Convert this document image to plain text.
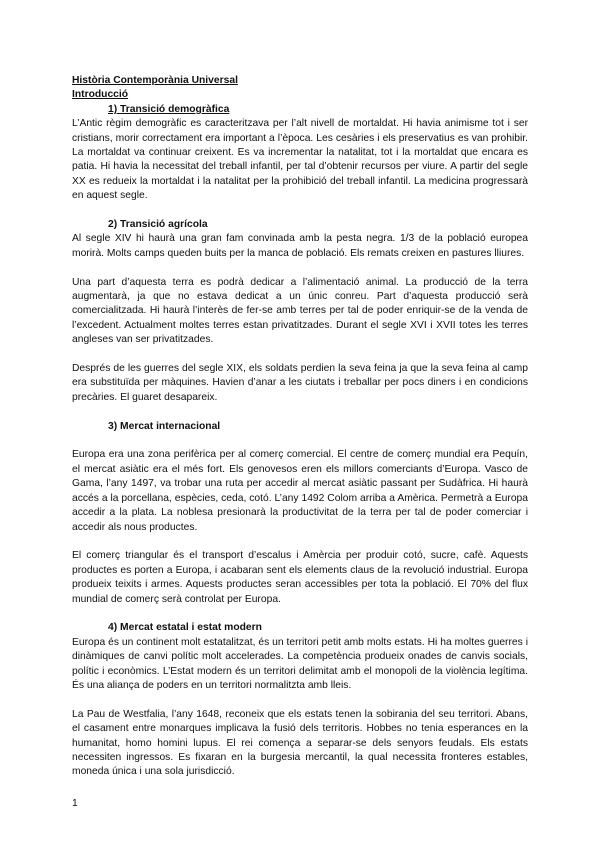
Història Contemporània Universal
Introducció
1) Transició demogràfica

L’Antic règim demogràfic es caracteritzava per l’alt nivell de mortaldat. Hi havia animisme tot i ser cristians, morir correctament era important a l’època. Les cesàries i els preservatius es van prohibir. La mortaldat va continuar creixent. Es va incrementar la natalitat, tot i la mortaldat que encara es patia. Hi havia la necessitat del treball infantil, per tal d’obtenir recursos per viure. A partir del segle XX es redueix la mortaldat i la natalitat per la prohibició del treball infantil. La medicina progressarà en aquest segle.

2) Transició agrícola

Al segle XIV hi haurà una gran fam convinada amb la pesta negra. 1/3 de la població europea morirà. Molts camps queden buits per la manca de població. Els remats creixen en pastures lliures.

Una part d’aquesta terra es podrà dedicar a l’alimentació animal. La producció de la terra augmentarà, ja que no estava dedicat a un únic conreu. Part d’aquesta producció serà comercialitzada. Hi haurà l’interès de fer-se amb terres per tal de poder enriquir-se de la venda de l’excedent. Actualment moltes terres estan privatitzades. Durant el segle XVI i XVII totes les terres angleses van ser privatitzades.

Després de les guerres del segle XIX, els soldats perdien la seva feina ja que la seva feina al camp era substituïda per màquines. Havien d’anar a les ciutats i treballar per pocs diners i en condicions precàries. El guaret desapareix.

3) Mercat internacional

Europa era una zona perifèrica per al comerç comercial. El centre de comerç mundial era Pequín, el mercat asiàtic era el més fort. Els genovesos eren els millors comerciants d’Europa. Vasco de Gama, l’any 1497, va trobar una ruta per accedir al mercat asiàtic passant per Sudàfrica. Hi haurà accés a la porcellana, espècies, ceda, cotó. L’any 1492 Colom arriba a Amèrica. Permetrà a Europa accedir a la plata. La noblesa presionarà la productivitat de la terra per tal de poder comerciar i accedir als nous productes.

El comerç triangular és el transport d’escalus i Amèrcia per produir cotó, sucre, cafè. Aquests productes es porten a Europa, i acabaran sent els elements claus de la revolució industrial. Europa produeix teixits i armes. Aquests productes seran accessibles per tota la població. El 70% del flux mundial de comerç serà controlat per Europa.

4) Mercat estatal i estat modern

Europa és un continent molt estatalitzat, és un territori petit amb molts estats. Hi ha moltes guerres i dinàmiques de canvi polític molt accelerades. La competència produeix onades de canvis socials, polític i econòmics. L’Estat modern és un territori delimitat amb el monopoli de la violència legítima. És una aliança de poders en un territori normalitzta amb lleis.

La Pau de Westfalia, l’any 1648, reconeix que els estats tenen la sobirania del seu territori. Abans, el casament entre monarques implicava la fusió dels territoris. Hobbes no tenia esperances en la humanitat, homo homini lupus. El rei comença a separar-se dels senyors feudals. Els estats necessiten ingressos. Es fixaran en la burgesia mercantil, la qual necessita fronteres estables, moneda única i una sola jurisdicció.

1
